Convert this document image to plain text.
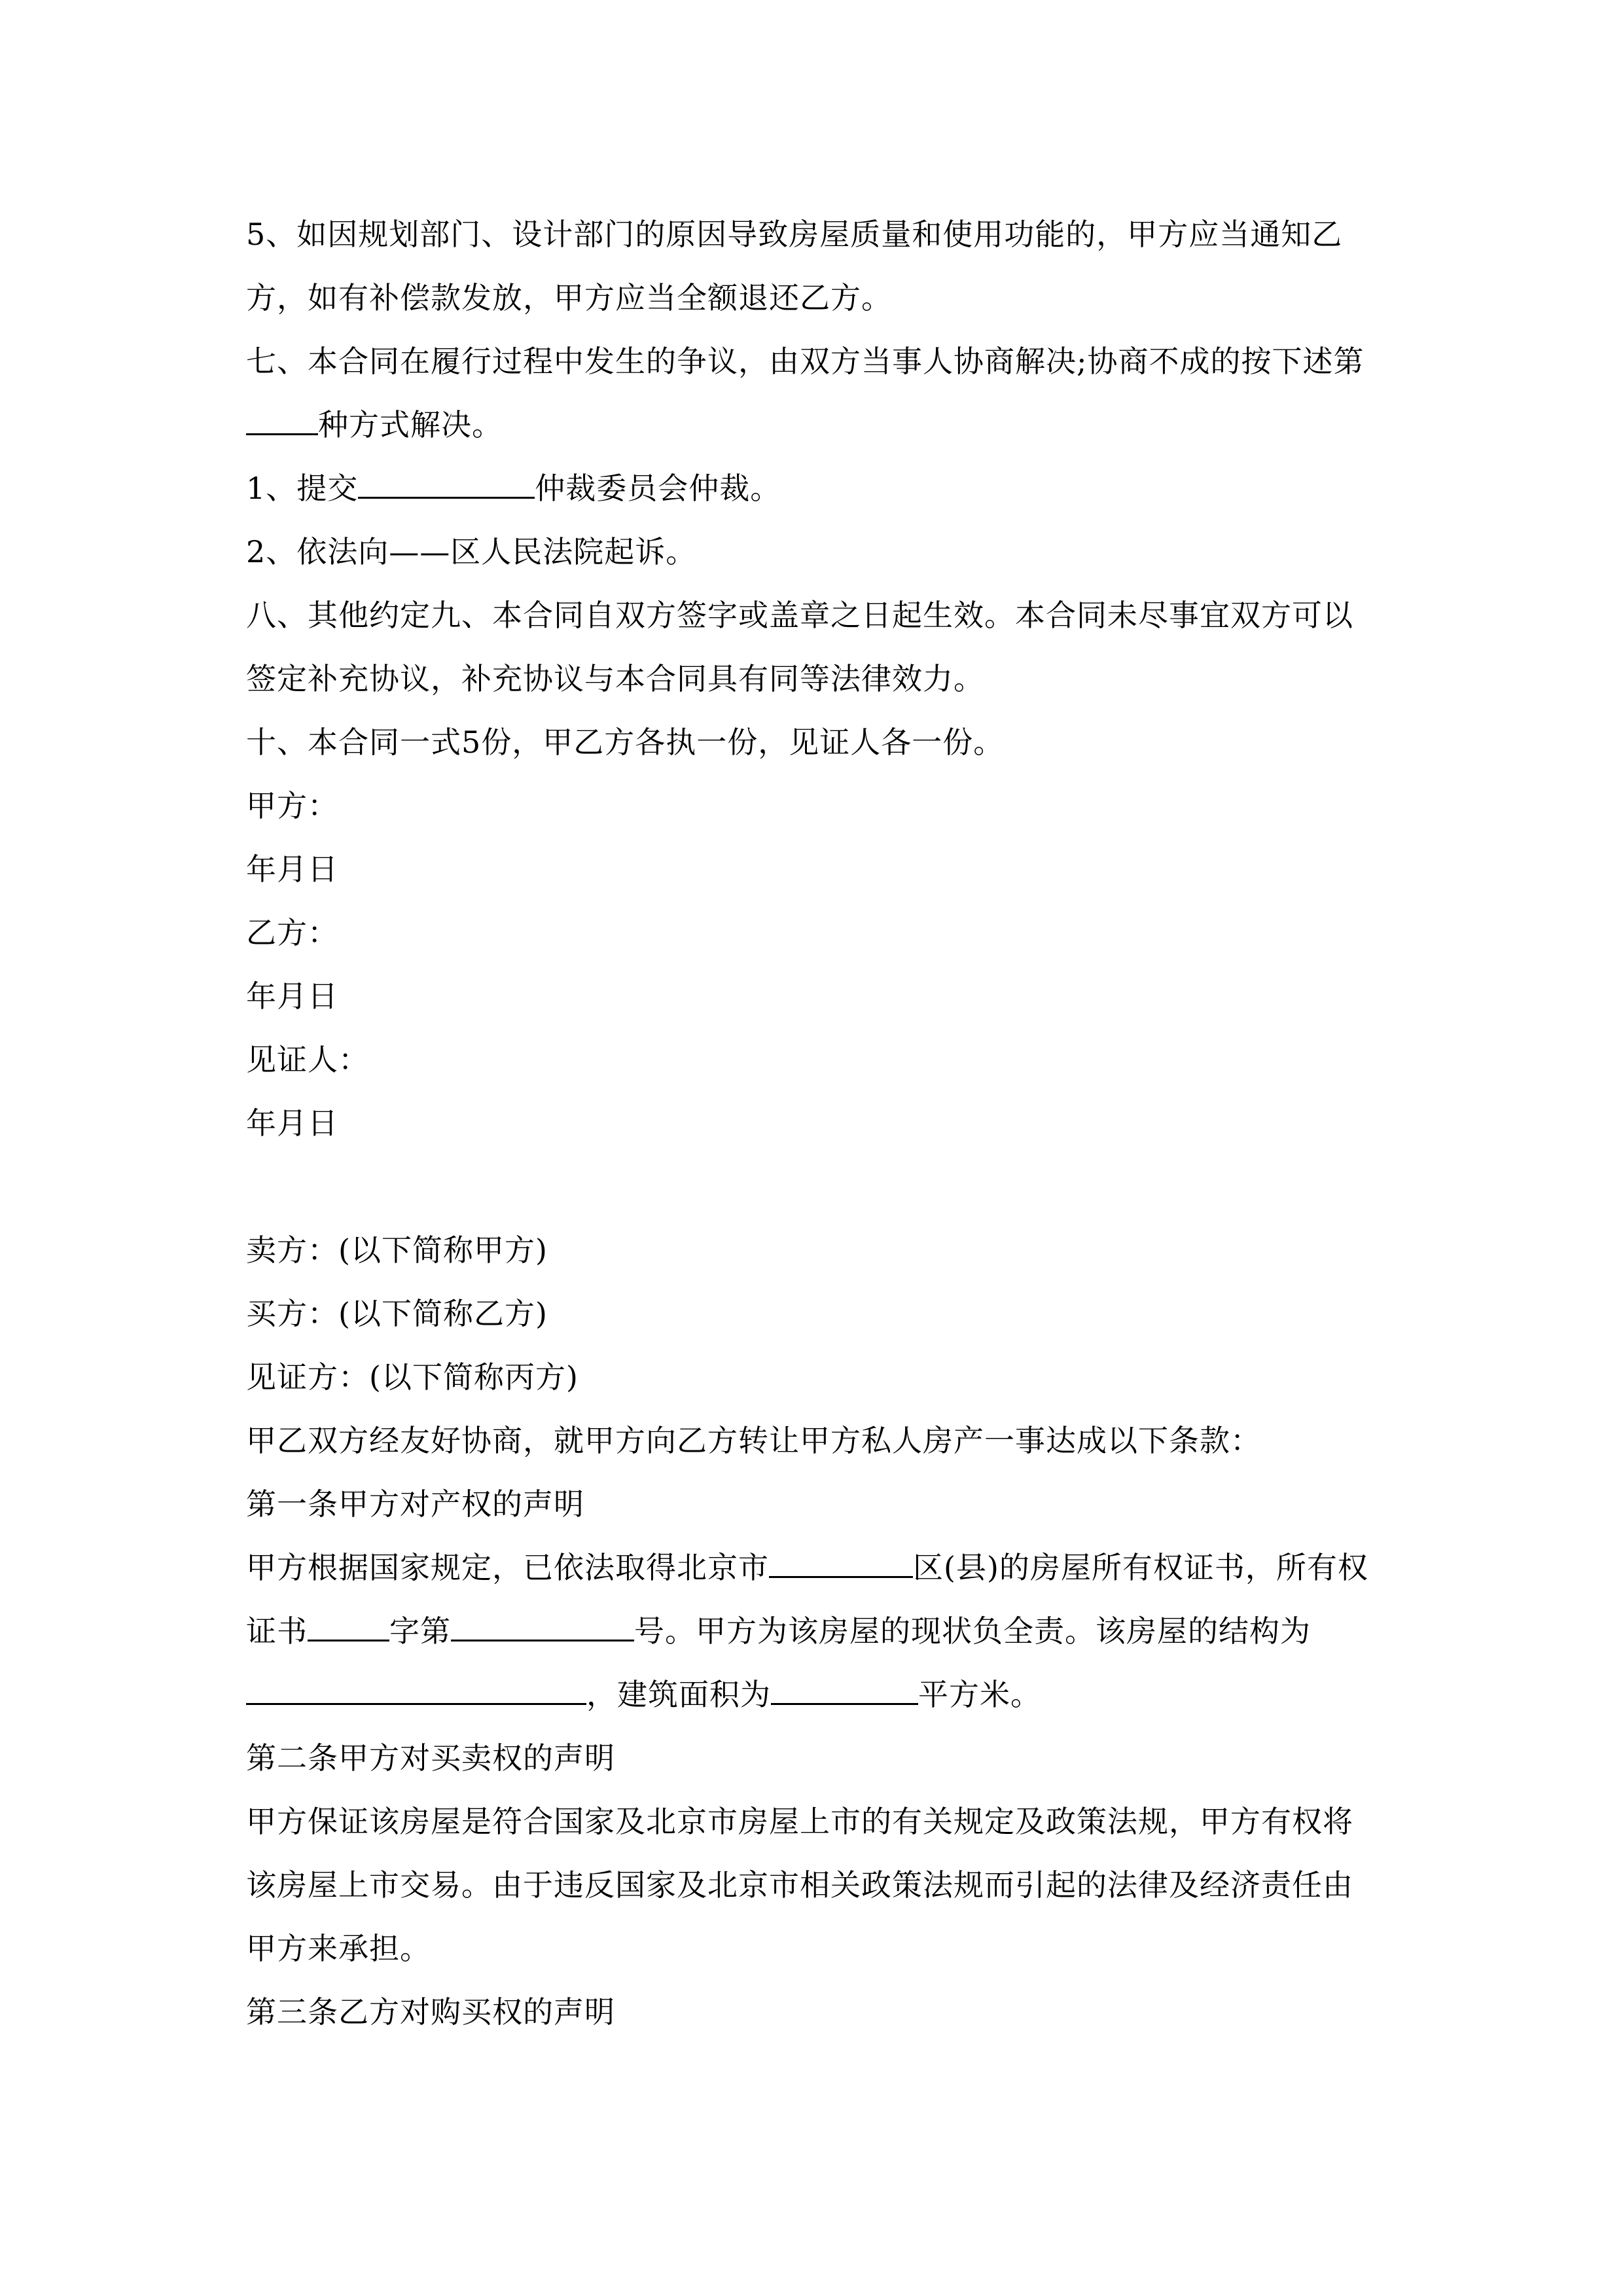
5、如因规划部门、设计部门的原因导致房屋质量和使用功能的，甲方应当通知乙方，如有补偿款发放，甲方应当全额退还乙方。

七、本合同在履行过程中发生的争议，由双方当事人协商解决;协商不成的按下述第种方式解决。

1、提交	仲裁委员会仲裁。

2、依法向——区人民法院起诉。

八、其他约定九、本合同自双方签字或盖章之日起生效。本合同未尽事宜双方可以签定补充协议，补充协议与本合同具有同等法律效力。

十、本合同一式5份，甲乙方各执一份，见证人各一份。

甲方：

年月日

乙方：

年月日

见证人：

年月日

卖方：(以下简称甲方)

买方：(以下简称乙方)

见证方：(以下简称丙方)

甲乙双方经友好协商，就甲方向乙方转让甲方私人房产一事达成以下条款：

第一条甲方对产权的声明

甲方根据国家规定，已依法取得北京市	区(县)的房屋所有权证书，所有权证书	字第	号。甲方为该房屋的现状负全责。该房屋的结构为，建筑面积为	平方米。

第二条甲方对买卖权的声明

甲方保证该房屋是符合国家及北京市房屋上市的有关规定及政策法规，甲方有权将该房屋上市交易。由于违反国家及北京市相关政策法规而引起的法律及经济责任由甲方来承担。

第三条乙方对购买权的声明
